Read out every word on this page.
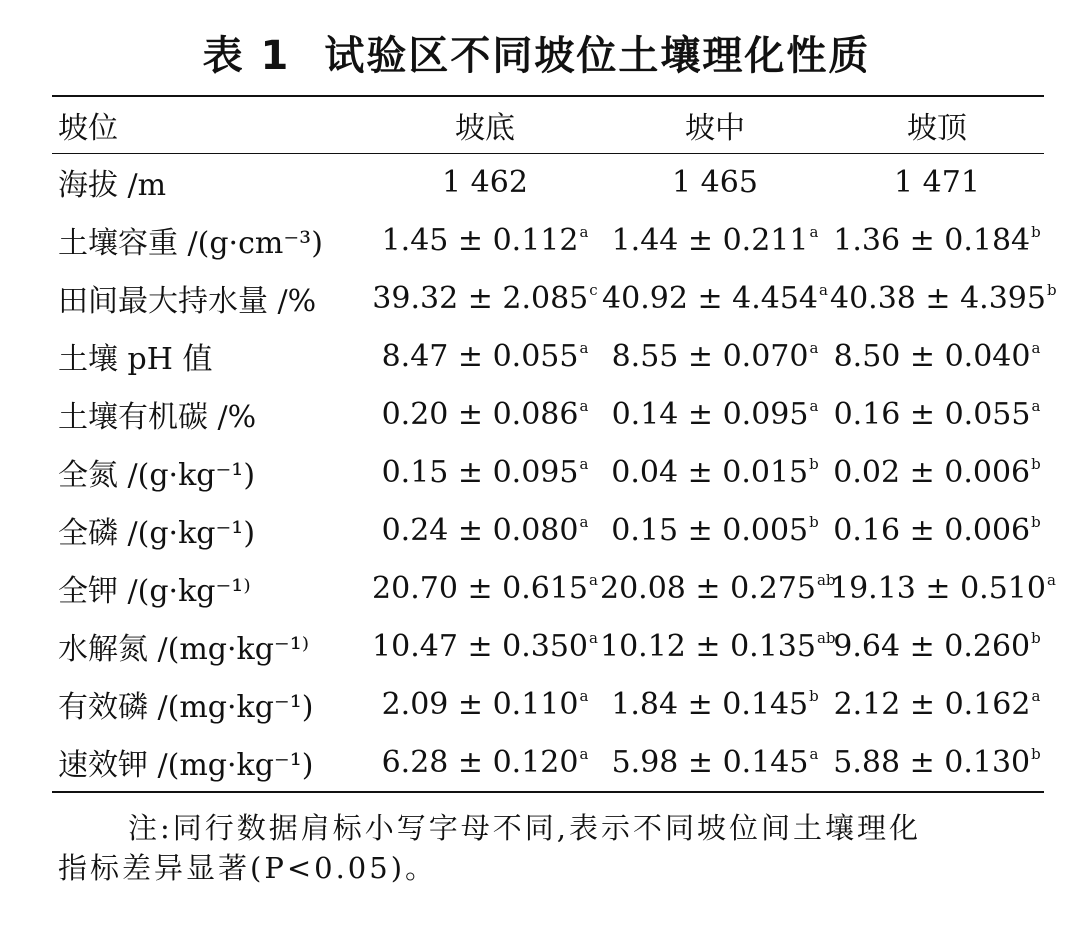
表 1 试验区不同坡位土壤理化性质
坡位	坡底	坡中	坡顶
海拔 /m	1 462	1 465	1 471
土壤容重 /(g·cm⁻³)	1.45 ± 0.112$^a$	1.44 ± 0.211$^a$	1.36 ± 0.184$^b$
田间最大持水量 /%	39.32 ± 2.085$^c$	40.92 ± 4.454$^a$	40.38 ± 4.395$^b$
土壤 pH 值	8.47 ± 0.055$^a$	8.55 ± 0.070$^a$	8.50 ± 0.040$^a$
土壤有机碳 /%	0.20 ± 0.086$^a$	0.14 ± 0.095$^a$	0.16 ± 0.055$^a$
全氮 /(g·kg⁻¹)	0.15 ± 0.095$^a$	0.04 ± 0.015$^b$	0.02 ± 0.006$^b$
全磷 /(g·kg⁻¹)	0.24 ± 0.080$^a$	0.15 ± 0.005$^b$	0.16 ± 0.006$^b$
全钾 /(g·kg⁻¹⁾	20.70 ± 0.615$^a$	20.08 ± 0.275$^{ab}$	19.13 ± 0.510$^a$
水解氮 /(mg·kg⁻¹⁾	10.47 ± 0.350$^a$	10.12 ± 0.135$^{ab}$	9.64 ± 0.260$^b$
有效磷 /(mg·kg⁻¹)	2.09 ± 0.110$^a$	1.84 ± 0.145$^b$	2.12 ± 0.162$^a$
速效钾 /(mg·kg⁻¹)	6.28 ± 0.120$^a$	5.98 ± 0.145$^a$	5.88 ± 0.130$^b$
注:同行数据肩标小写字母不同,表示不同坡位间土壤理化
指标差异显著(P<0.05)。
